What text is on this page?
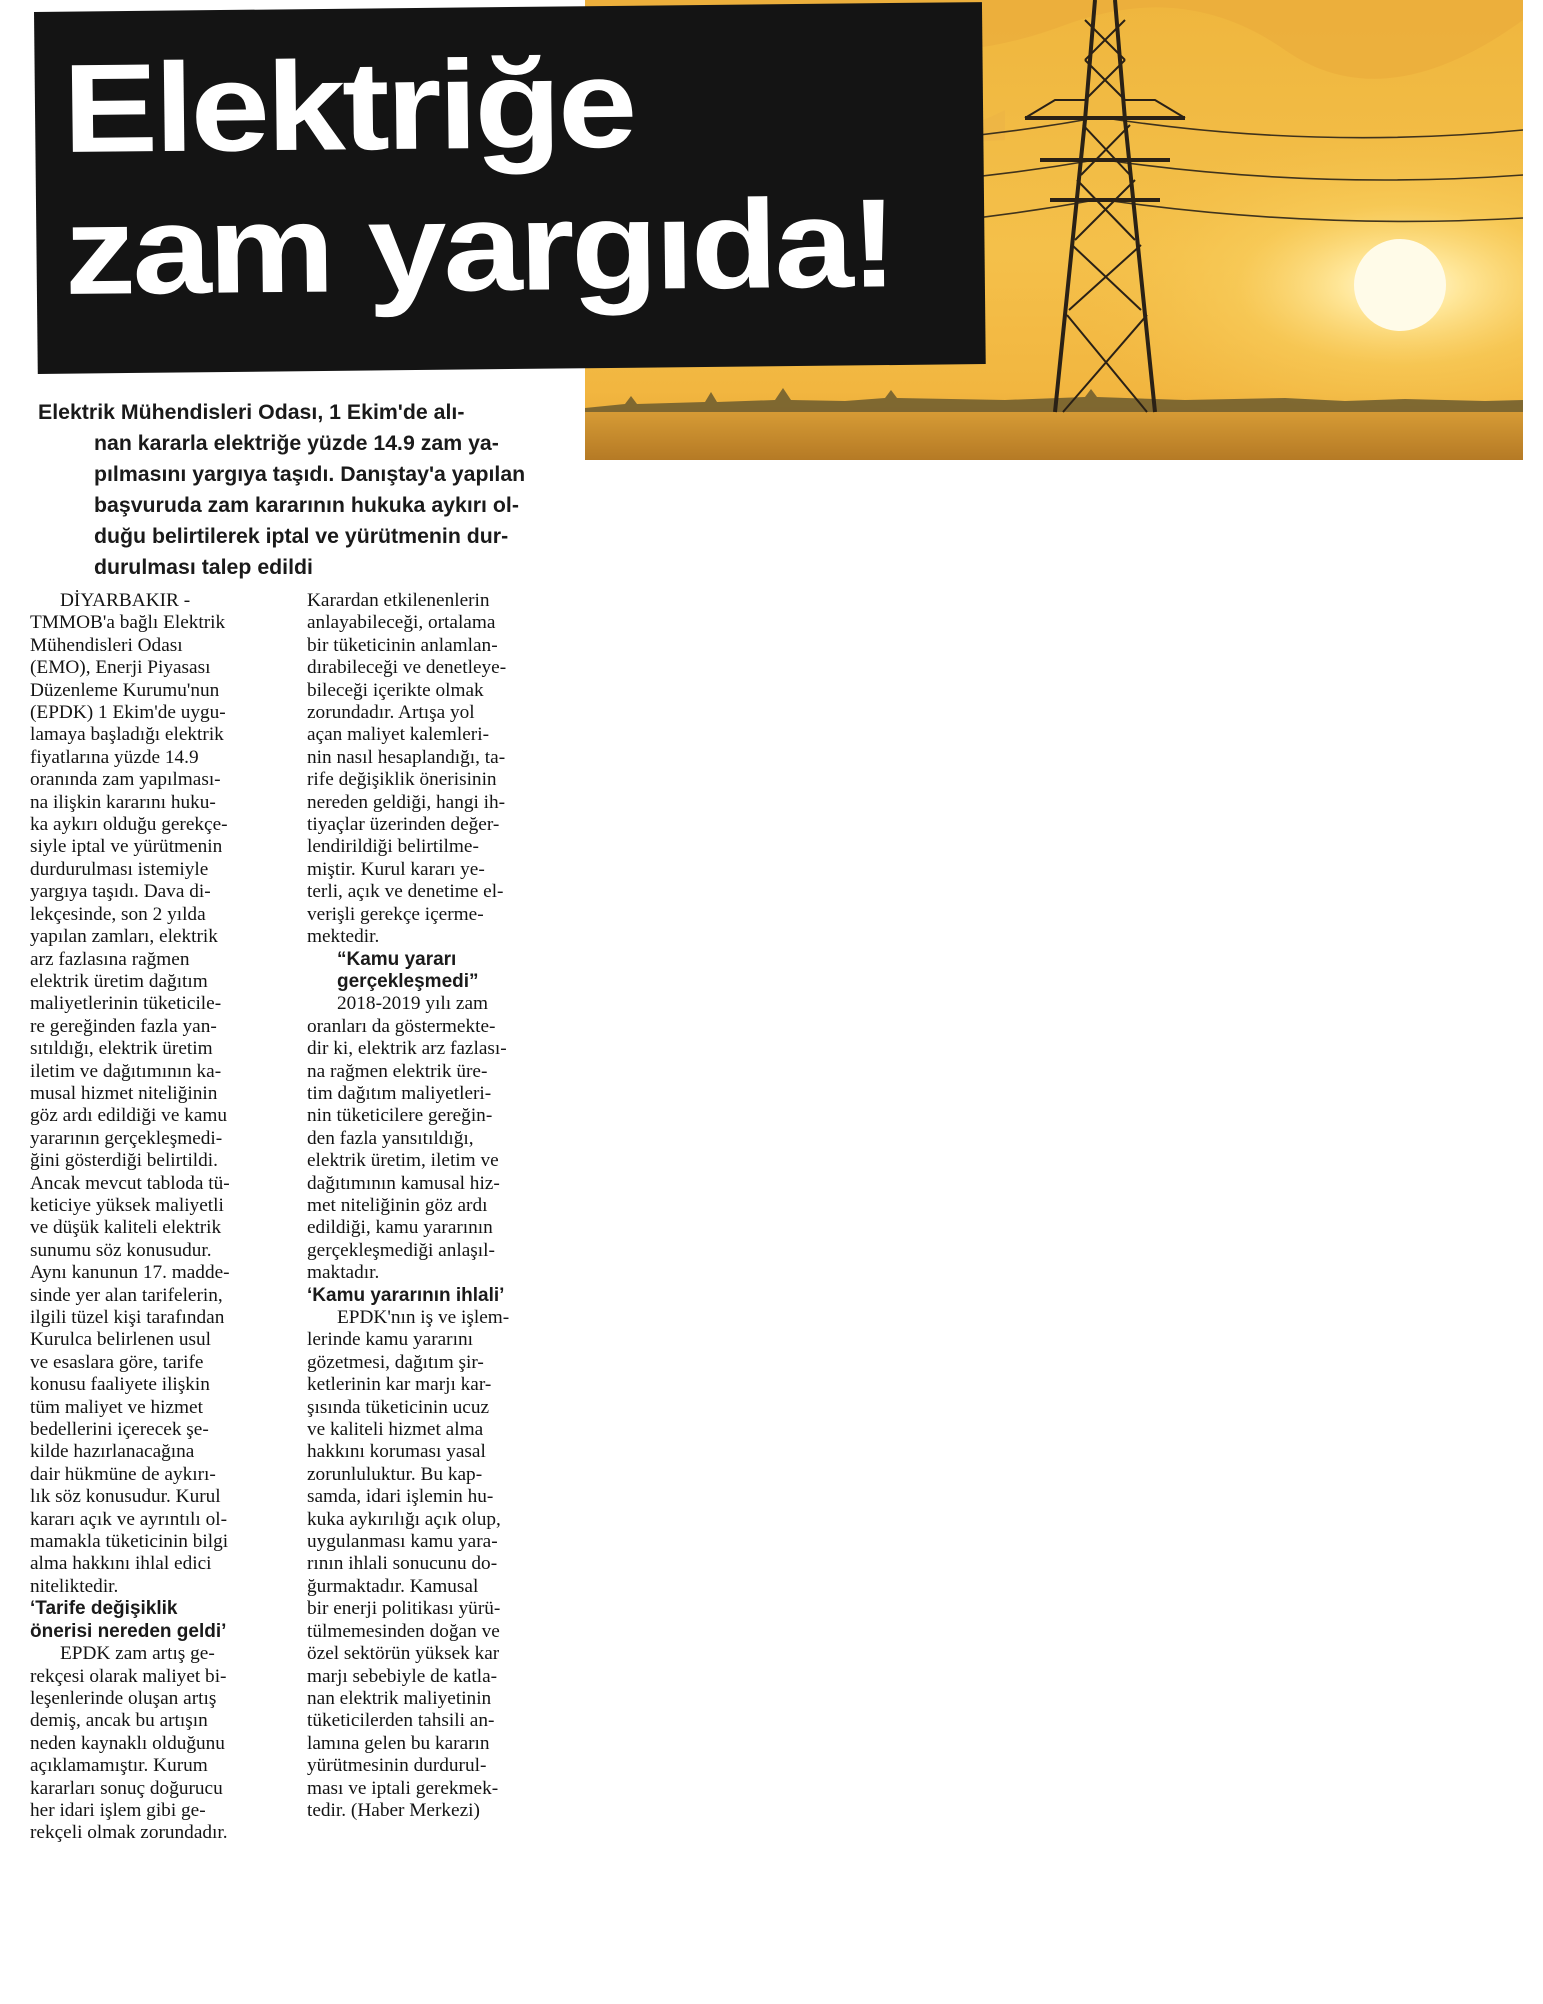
Elektriğe
zam yargıda!

Elektrik Mühendisleri Odası, 1 Ekim'de alı-
nan kararla elektriğe yüzde 14.9 zam ya-
pılmasını yargıya taşıdı. Danıştay'a yapılan
başvuruda zam kararının hukuka aykırı ol-
duğu belirtilerek iptal ve yürütmenin dur-
durulması talep edildi

DİYARBAKIR -
TMMOB'a bağlı Elektrik
Mühendisleri Odası
(EMO), Enerji Piyasası
Düzenleme Kurumu'nun
(EPDK) 1 Ekim'de uygu-
lamaya başladığı elektrik
fiyatlarına yüzde 14.9
oranında zam yapılması-
na ilişkin kararını huku-
ka aykırı olduğu gerekçe-
siyle iptal ve yürütmenin
durdurulması istemiyle
yargıya taşıdı. Dava di-
lekçesinde, son 2 yılda
yapılan zamları, elektrik
arz fazlasına rağmen
elektrik üretim dağıtım
maliyetlerinin tüketicile-
re gereğinden fazla yan-
sıtıldığı, elektrik üretim
iletim ve dağıtımının ka-
musal hizmet niteliğinin
göz ardı edildiği ve kamu
yararının gerçekleşmedi-
ğini gösterdiği belirtildi.
Ancak mevcut tabloda tü-
keticiye yüksek maliyetli
ve düşük kaliteli elektrik
sunumu söz konusudur.
Aynı kanunun 17. madde-
sinde yer alan tarifelerin,
ilgili tüzel kişi tarafından
Kurulca belirlenen usul
ve esaslara göre, tarife
konusu faaliyete ilişkin
tüm maliyet ve hizmet
bedellerini içerecek şe-
kilde hazırlanacağına
dair hükmüne de aykırı-
lık söz konusudur. Kurul
kararı açık ve ayrıntılı ol-
mamakla tüketicinin bilgi
alma hakkını ihlal edici
niteliktedir.
‘Tarife değişiklik
önerisi nereden geldi’
EPDK zam artış ge-
rekçesi olarak maliyet bi-
leşenlerinde oluşan artış
demiş, ancak bu artışın
neden kaynaklı olduğunu
açıklamamıştır. Kurum
kararları sonuç doğurucu
her idari işlem gibi ge-
rekçeli olmak zorundadır.
Karardan etkilenenlerin
anlayabileceği, ortalama
bir tüketicinin anlamlan-
dırabileceği ve denetleye-
bileceği içerikte olmak
zorundadır. Artışa yol
açan maliyet kalemleri-
nin nasıl hesaplandığı, ta-
rife değişiklik önerisinin
nereden geldiği, hangi ih-
tiyaçlar üzerinden değer-
lendirildiği belirtilme-
miştir. Kurul kararı ye-
terli, açık ve denetime el-
verişli gerekçe içerme-
mektedir.
“Kamu yararı
gerçekleşmedi”
2018-2019 yılı zam
oranları da göstermekte-
dir ki, elektrik arz fazlası-
na rağmen elektrik üre-
tim dağıtım maliyetleri-
nin tüketicilere gereğin-
den fazla yansıtıldığı,
elektrik üretim, iletim ve
dağıtımının kamusal hiz-
met niteliğinin göz ardı
edildiği, kamu yararının
gerçekleşmediği anlaşıl-
maktadır.
‘Kamu yararının ihlali’
EPDK'nın iş ve işlem-
lerinde kamu yararını
gözetmesi, dağıtım şir-
ketlerinin kar marjı kar-
şısında tüketicinin ucuz
ve kaliteli hizmet alma
hakkını koruması yasal
zorunluluktur. Bu kap-
samda, idari işlemin hu-
kuka aykırılığı açık olup,
uygulanması kamu yara-
rının ihlali sonucunu do-
ğurmaktadır. Kamusal
bir enerji politikası yürü-
tülmemesinden doğan ve
özel sektörün yüksek kar
marjı sebebiyle de katla-
nan elektrik maliyetinin
tüketicilerden tahsili an-
lamına gelen bu kararın
yürütmesinin durdurul-
ması ve iptali gerekmek-
tedir. (Haber Merkezi)
